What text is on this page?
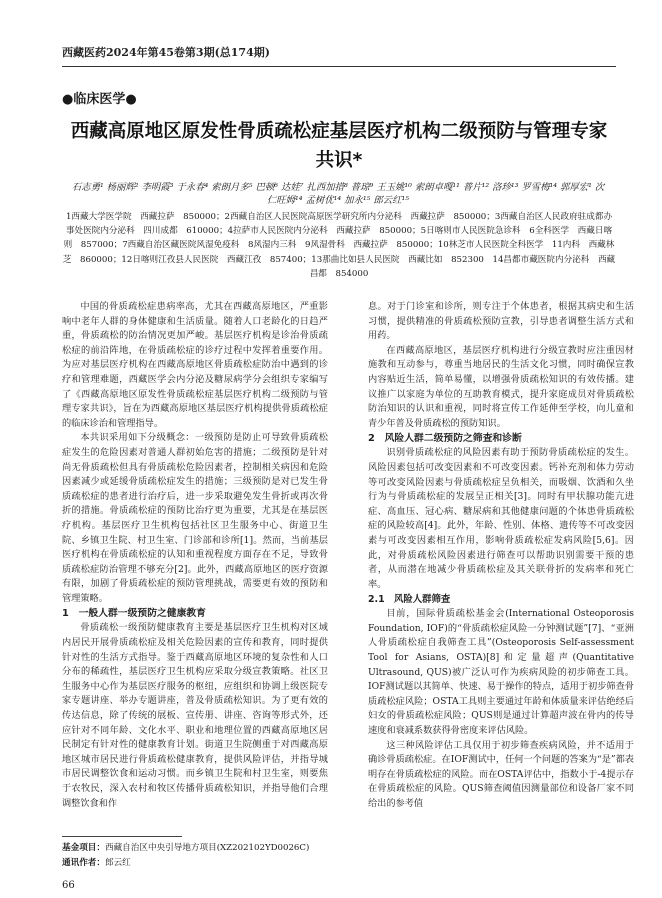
西藏医药2024年第45卷第3期(总174期)
●临床医学●
西藏高原地区原发性骨质疏松症基层医疗机构二级预防与管理专家共识*
石志勇¹ 杨丽辉² 李明霞³ 于永春⁴ 索朗月多⁵ 巴顿⁶ 达娃⁷ 扎西加措⁸ 普琼⁹ 王玉姚¹⁰ 索朗卓嘎¹¹ 普片¹² 洛珍¹³ 罗雪梅¹⁴ 郭厚宏¹ 次仁旺姆¹⁴ 孟树优¹⁴ 加永¹⁵ 郎云红¹⁵
1西藏大学医学院　西藏拉萨　850000；2西藏自治区人民医院高原医学研究所内分泌科　西藏拉萨　850000；3西藏自治区人民政府驻成都办事处医院内分泌科　四川成都　610000；4拉萨市人民医院内分泌科　西藏拉萨　850000；5日喀则市人民医院急诊科　6全科医学　西藏日喀则　857000；7西藏自治区藏医院风湿免疫科　8风湿内三科　9风湿骨科　西藏拉萨　850000；10林芝市人民医院全科医学　11内科　西藏林芝　860000；12日喀则江孜县人民医院　西藏江孜　857400；13那曲比如县人民医院　西藏比如　852300　14昌都市藏医院内分泌科　西藏昌都　854000

中国的骨质疏松症患病率高，尤其在西藏高原地区，严重影响中老年人群的身体健康和生活质量。随着人口老龄化的日趋严重，骨质疏松的防治情况更加严峻。基层医疗机构是诊治骨质疏松症的前沿阵地，在骨质疏松症的诊疗过程中发挥着重要作用。为应对基层医疗机构在西藏高原地区骨质疏松症防治中遇到的诊疗和管理难题，西藏医学会内分泌及糖尿病学分会组织专家编写了《西藏高原地区原发性骨质疏松症基层医疗机构二级预防与管理专家共识》，旨在为西藏高原地区基层医疗机构提供骨质疏松症的临床诊治和管理指导。

本共识采用如下分级概念：一级预防是防止可导致骨质疏松症发生的危险因素对普通人群初始危害的措施；二级预防是针对尚无骨质疏松但具有骨质疏松危险因素者，控制相关病因和危险因素减少或延缓骨质疏松症发生的措施；三级预防是对已发生骨质疏松症的患者进行治疗后，进一步采取避免发生骨折或再次骨折的措施。骨质疏松症的预防比治疗更为重要，尤其是在基层医疗机构。基层医疗卫生机构包括社区卫生服务中心、街道卫生院、乡镇卫生院、村卫生室、门诊部和诊所[1]。然而，当前基层医疗机构在骨质疏松症的认知和重视程度方面存在不足，导致骨质疏松症防治管理不够充分[2]。此外，西藏高原地区的医疗资源有限，加剧了骨质疏松症的预防管理挑战，需要更有效的预防和管理策略。

1　一般人群一级预防之健康教育

骨质疏松一级预防健康教育主要是基层医疗卫生机构对区域内居民开展骨质疏松症及相关危险因素的宣传和教育，同时提供针对性的生活方式指导。鉴于西藏高原地区环境的复杂性和人口分布的稀疏性，基层医疗卫生机构应采取分级宣教策略。社区卫生服务中心作为基层医疗服务的枢纽，应组织和协调上级医院专家专题讲座、举办专题讲座，普及骨质疏松知识。为了更有效的传达信息，除了传统的展板、宣传册、讲座、咨询等形式外，还应针对不同年龄、文化水平、职业和地理位置的西藏高原地区居民制定有针对性的健康教育计划。街道卫生院侧重于对西藏高原地区城市居民进行骨质疏松健康教育，提供风险评估，并指导城市居民调整饮食和运动习惯。而乡镇卫生院和村卫生室，则要焦于农牧民，深入农村和牧区传播骨质疏松知识，并指导他们合理调整饮食和作

息。对于门诊室和诊所，则专注于个体患者，根据其病史和生活习惯，提供精准的骨质疏松预防宣教，引导患者调整生活方式和用药。

在西藏高原地区，基层医疗机构进行分级宣教时应注重因材施教和互动参与，尊重当地居民的生活文化习惯，同时确保宣教内容贴近生活，简单易懂，以增强骨质疏松知识的有效传播。建议推广以家庭为单位的互助教育模式，提升家庭成员对骨质疏松防治知识的认识和重视，同时将宣传工作延伸至学校，向儿童和青少年普及骨质疏松的预防知识。

2　风险人群二级预防之筛查和诊断

识别骨质疏松症的风险因素有助于预防骨质疏松症的发生。风险因素包括可改变因素和不可改变因素。钙补充剂和体力劳动等可改变风险因素与骨质疏松症呈负相关，而吸烟、饮酒和久坐行为与骨质疏松症的发展呈正相关[3]。同时有甲状腺功能亢进症、高血压、冠心病、糖尿病和其他健康问题的个体患骨质疏松症的风险较高[4]。此外，年龄、性别、体格、遗传等不可改变因素与可改变因素相互作用，影响骨质疏松症发病风险[5,6]。因此，对骨质疏松风险因素进行筛查可以帮助识别需要干预的患者，从而潜在地减少骨质疏松症及其关联骨折的发病率和死亡率。

2.1　风险人群筛查

目前，国际骨质疏松基金会(International Osteoporosis Foundation, IOF)的“骨质疏松症风险一分钟测试题”[7]、“亚洲人骨质疏松症自我筛查工具”(Osteoporosis Self-assessment Tool for Asians, OSTA)[8]和定量超声(Quantitative Ultrasound, QUS)被广泛认可作为疾病风险的初步筛查工具。IOF测试题以其简单、快速、易于操作的特点，适用于初步筛查骨质疏松症风险；OSTA工具则主要通过年龄和体质量来评估绝经后妇女的骨质疏松症风险；QUS则是通过计算超声波在骨内的传导速度和衰减系数获得骨密度来评估风险。

这三种风险评估工具仅用于初步筛查疾病风险，并不适用于确诊骨质疏松症。在IOF测试中，任何一个问题的答案为“是”都表明存在骨质疏松症的风险。而在OSTA评估中，指数小于-4提示存在骨质疏松症的风险。QUS筛查阈值因测量部位和设备厂家不同给出的参考值

基金项目：西藏自治区中央引导地方项目(XZ202102YD0026C)
通讯作者：郎云红
66
